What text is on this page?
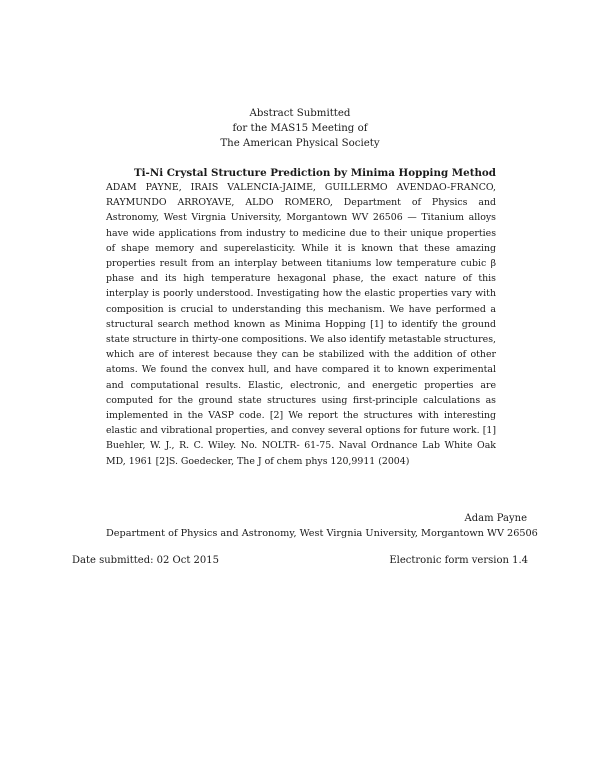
Abstract Submitted
for the MAS15 Meeting of
The American Physical Society
Ti-Ni Crystal Structure Prediction by Minima Hopping Method
ADAM PAYNE, IRAIS VALENCIA-JAIME, GUILLERMO AVENDAO-FRANCO, RAYMUNDO ARROYAVE, ALDO ROMERO, Department of Physics and Astronomy, West Virgnia University, Morgantown WV 26506 — Titanium alloys have wide applications from industry to medicine due to their unique properties of shape memory and superelasticity. While it is known that these amazing properties result from an interplay between titaniums low temperature cubic β phase and its high temperature hexagonal phase, the exact nature of this interplay is poorly understood. Investigating how the elastic properties vary with composition is crucial to understanding this mechanism. We have performed a structural search method known as Minima Hopping [1] to identify the ground state structure in thirty-one compositions. We also identify metastable structures, which are of interest because they can be stabilized with the addition of other atoms. We found the convex hull, and have compared it to known experimental and computational results. Elastic, electronic, and energetic properties are computed for the ground state structures using first-principle calculations as implemented in the VASP code. [2] We report the structures with interesting elastic and vibrational properties, and convey several options for future work. [1] Buehler, W. J., R. C. Wiley. No. NOLTR- 61-75. Naval Ordnance Lab White Oak MD, 1961 [2]S. Goedecker, The J of chem phys 120,9911 (2004)
Adam Payne
Department of Physics and Astronomy, West Virgnia University, Morgantown WV 26506
Date submitted: 02 Oct 2015	Electronic form version 1.4
